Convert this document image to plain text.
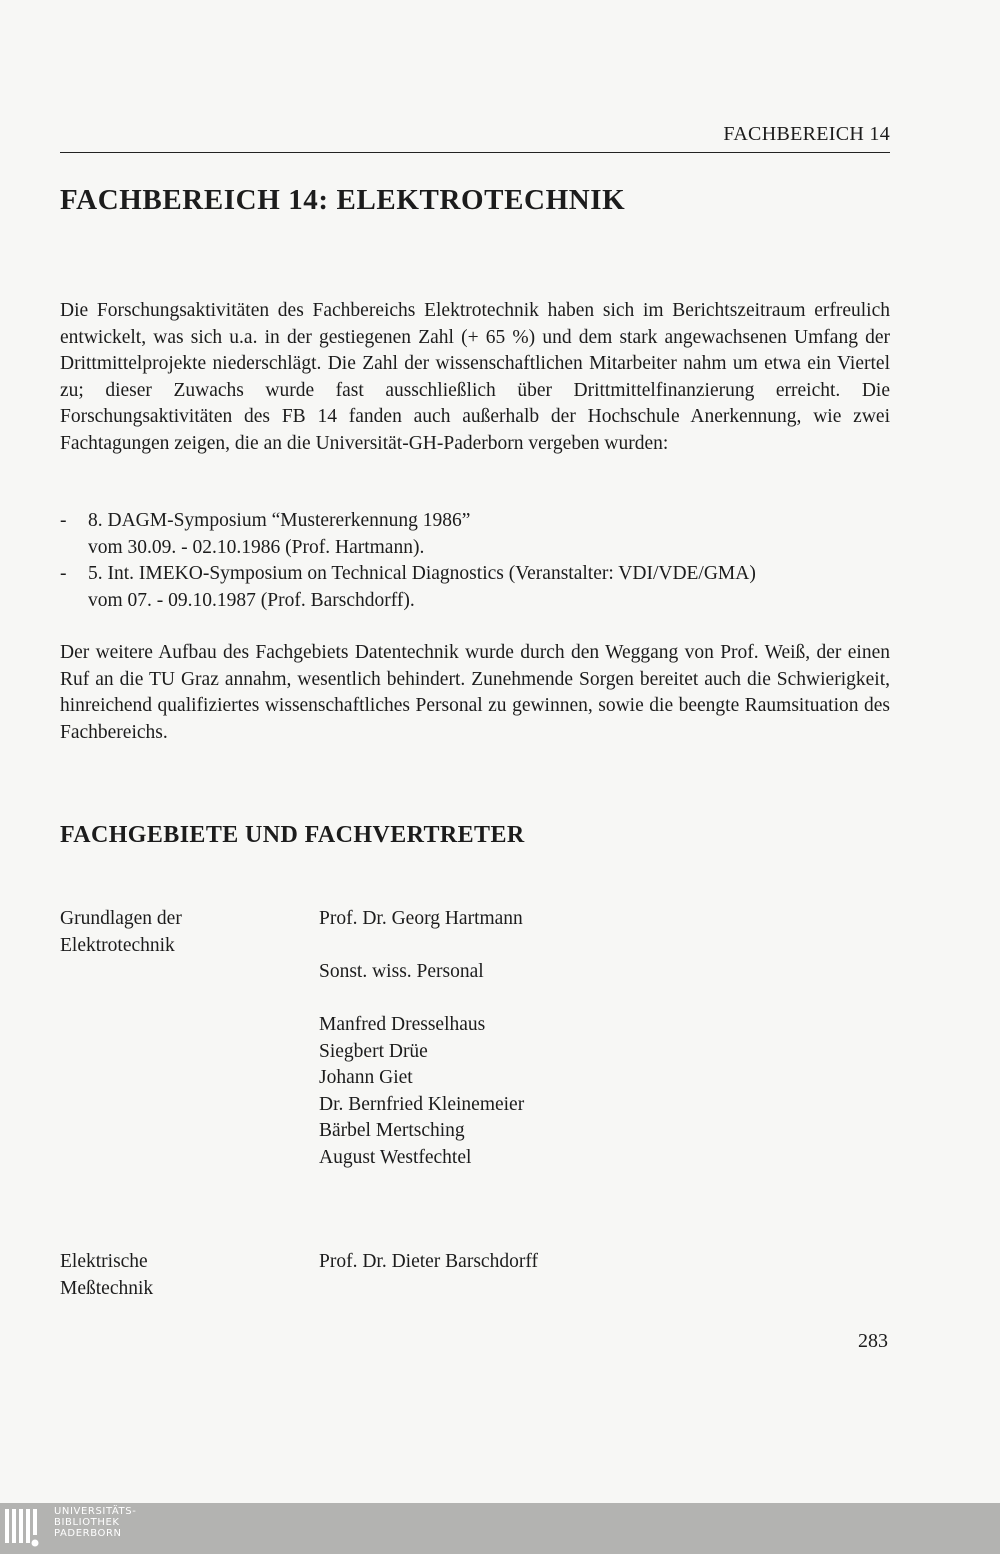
FACHBEREICH 14
FACHBEREICH 14: ELEKTROTECHNIK

Die Forschungsaktivitäten des Fachbereichs Elektrotechnik haben sich im Berichtszeitraum erfreulich entwickelt, was sich u.a. in der gestiegenen Zahl (+ 65 %) und dem stark angewachsenen Umfang der Drittmittelprojekte niederschlägt. Die Zahl der wissenschaftlichen Mitarbeiter nahm um etwa ein Viertel zu; dieser Zuwachs wurde fast ausschließlich über Drittmittelfinanzierung erreicht. Die Forschungsaktivitäten des FB 14 fanden auch außerhalb der Hochschule Anerkennung, wie zwei Fachtagungen zeigen, die an die Universität-GH-Paderborn vergeben wurden:

- 8. DAGM-Symposium “Mustererkennung 1986”
vom 30.09. - 02.10.1986 (Prof. Hartmann).
- 5. Int. IMEKO-Symposium on Technical Diagnostics (Veranstalter: VDI/VDE/GMA)
vom 07. - 09.10.1987 (Prof. Barschdorff).

Der weitere Aufbau des Fachgebiets Datentechnik wurde durch den Weggang von Prof. Weiß, der einen Ruf an die TU Graz annahm, wesentlich behindert. Zunehmende Sorgen bereitet auch die Schwierigkeit, hinreichend qualifiziertes wissenschaftliches Personal zu gewinnen, sowie die beengte Raumsituation des Fachbereichs.

FACHGEBIETE UND FACHVERTRETER
Grundlagen der
Elektrotechnik
Prof. Dr. Georg Hartmann
Sonst. wiss. Personal
Manfred Dresselhaus
Siegbert Drüe
Johann Giet
Dr. Bernfried Kleinemeier
Bärbel Mertsching
August Westfechtel
Elektrische
Meßtechnik
Prof. Dr. Dieter Barschdorff
283
UNIVERSITÄTS-
BIBLIOTHEK
PADERBORN
